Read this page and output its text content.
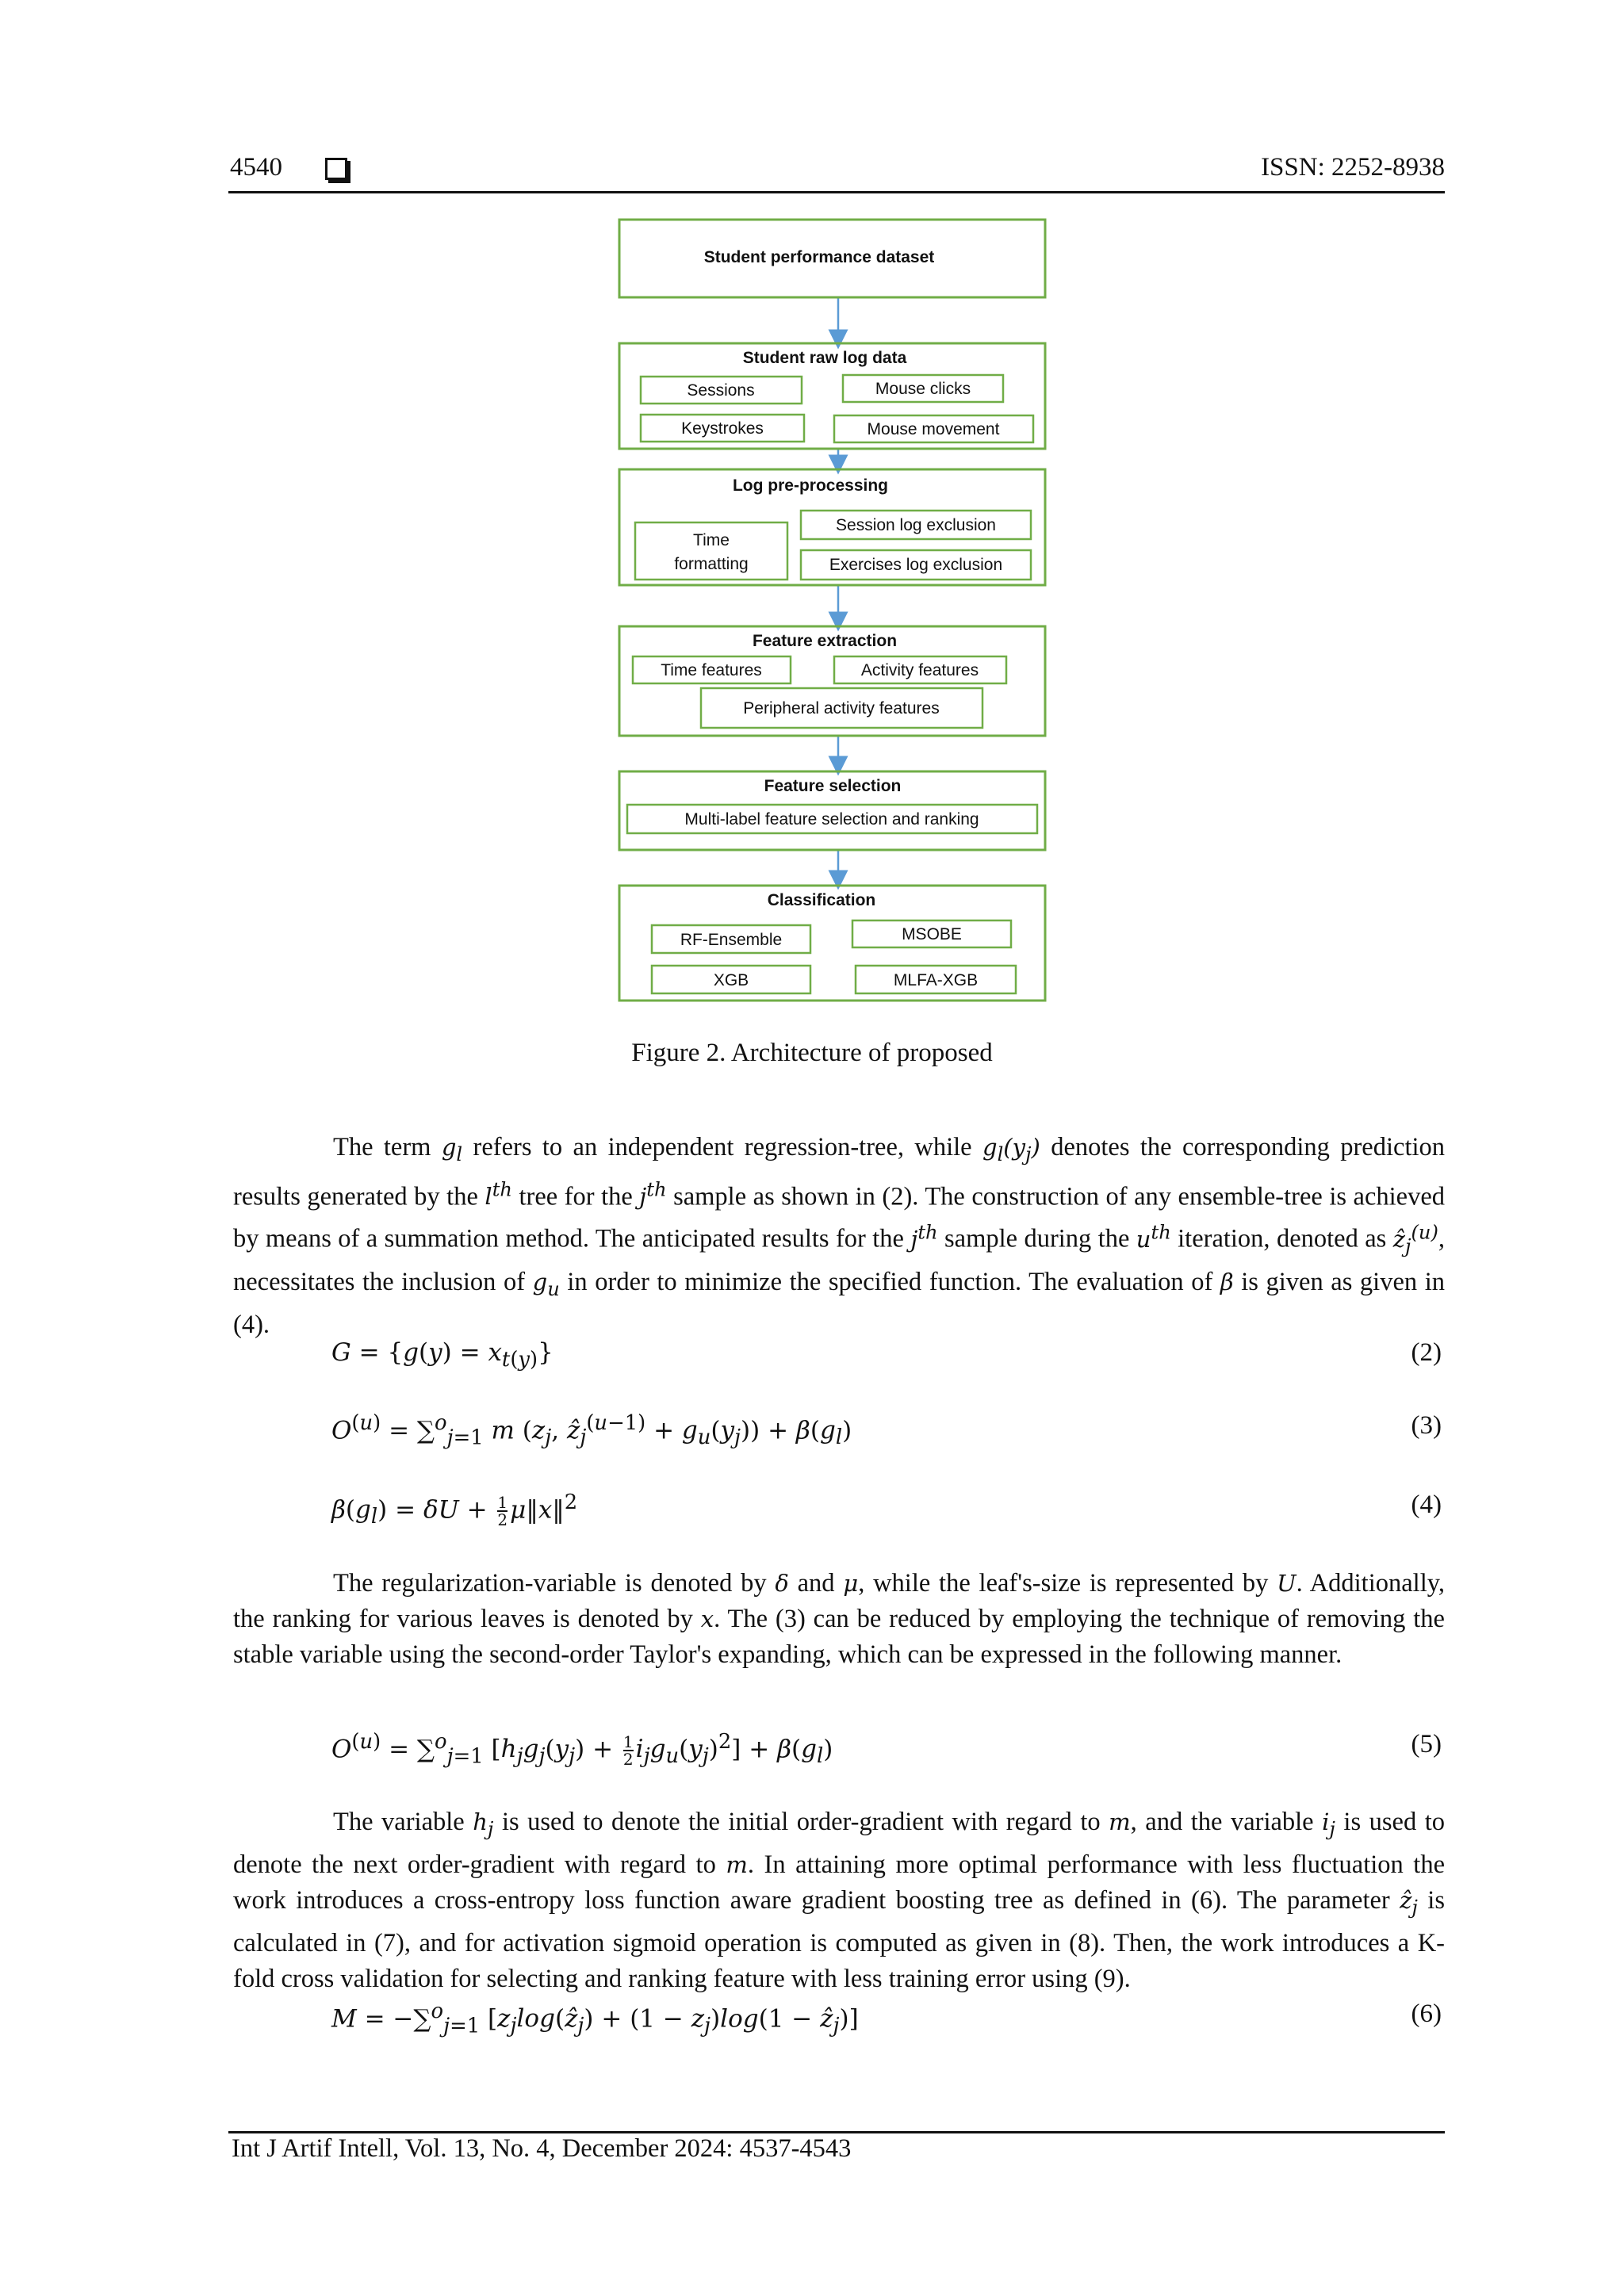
4540	ISSN: 2252-8938
Student performance dataset
Student raw log data
Log pre-processing
Feature extraction
Feature selection
Classification
Sessions	Mouse clicks
Keystrokes	Mouse movement
Time
formatting
Session log exclusion
Exercises log exclusion
Time features	Activity features
Peripheral activity features
Multi-label feature selection and ranking
RF-Ensemble	MSOBE
XGB	MLFA-XGB
Figure 2. Architecture of proposed
The term $g_l$ refers to an independent regression-tree, while $g_l(y_j)$ denotes the corresponding prediction results generated by the $l^{th}$ tree for the $j^{th}$ sample as shown in (2). The construction of any ensemble-tree is achieved by means of a summation method. The anticipated results for the $j^{th}$ sample during the $u^{th}$ iteration, denoted as ẑ$_j^{(u)}$, necessitates the inclusion of $g_u$ in order to minimize the specified function. The evaluation of β is given as given in (4).
$G = \{g(y) = x_{t(y)}\}$	(2)
$O^{(u)} = \sum^o_{j=1}$ m ($z_j$, ẑ$_j^{(u-1)}$ + $g_u(y_j)) + \beta(g_l)$	(3)
$\beta(g_l) = \delta U + \frac{1}{2}$ μ‖x‖$^2$	(4)
The regularization-variable is denoted by δ and μ, while the leaf's-size is represented by U. Additionally, the ranking for various leaves is denoted by x. The (3) can be reduced by employing the technique of removing the stable variable using the second-order Taylor's expanding, which can be expressed in the following manner.
$O^{(u)} = \sum^o_{j=1}$ $[h_jg_j(y_j) + \frac{1}{2} i_jg_u(y_j)^2] + \beta(g_l)$	(5)
The variable $h_j$ is used to denote the initial order-gradient with regard to m, and the variable $i_j$ is used to denote the next order-gradient with regard to m. In attaining more optimal performance with less fluctuation the work introduces a cross-entropy loss function aware gradient boosting tree as defined in (6). The parameter ẑ$_j$ is calculated in (7), and for activation sigmoid operation is computed as given in (8). Then, the work introduces a K-fold cross validation for selecting and ranking feature with less training error using (9).
M = −∑$^o_{j=1}$ [$z_j\log(ẑ_j) + (1 - z_j)\log(1$ − ẑ$_j$)]	(6)
Int J Artif Intell, Vol. 13, No. 4, December 2024: 4537-4543
